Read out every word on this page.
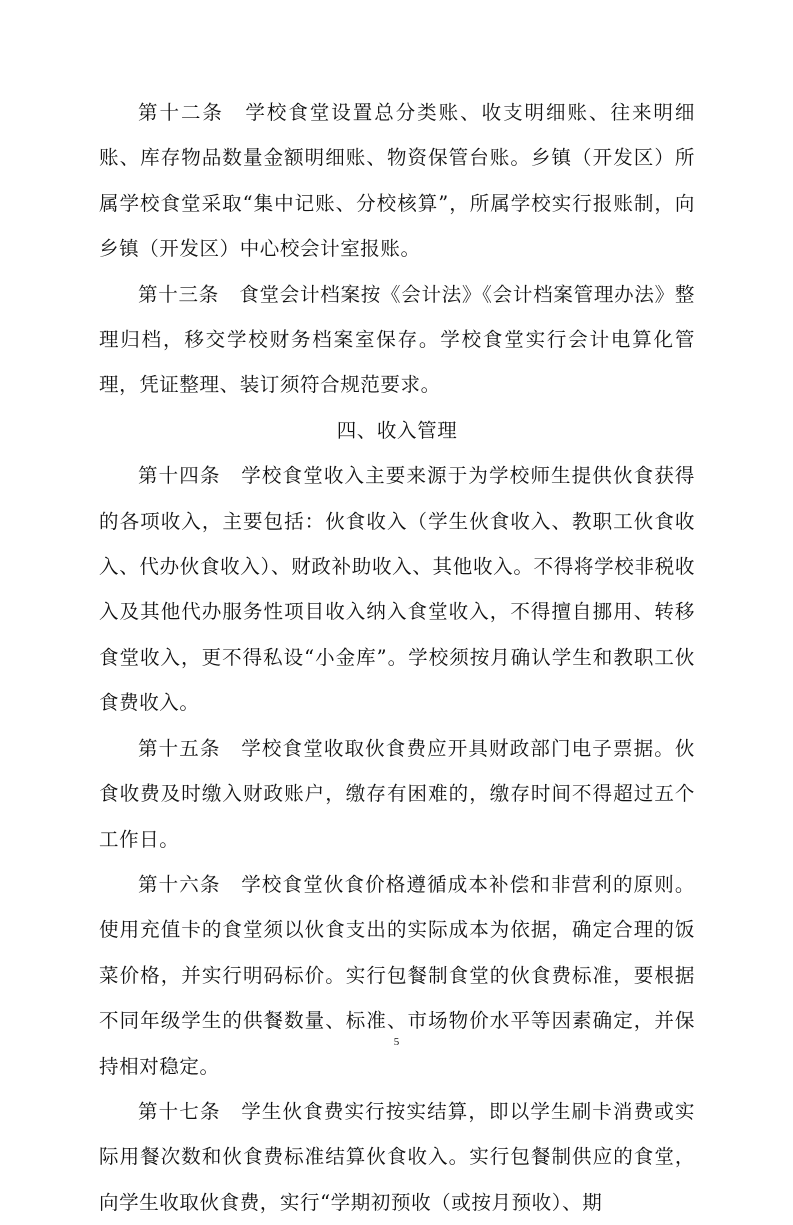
第十二条　学校食堂设置总分类账、收支明细账、往来明细账、库存物品数量金额明细账、物资保管台账。乡镇（开发区）所属学校食堂采取“集中记账、分校核算”，所属学校实行报账制，向乡镇（开发区）中心校会计室报账。

第十三条　食堂会计档案按《会计法》《会计档案管理办法》整理归档，移交学校财务档案室保存。学校食堂实行会计电算化管理，凭证整理、装订须符合规范要求。

四、收入管理

第十四条　学校食堂收入主要来源于为学校师生提供伙食获得的各项收入，主要包括：伙食收入（学生伙食收入、教职工伙食收入、代办伙食收入）、财政补助收入、其他收入。不得将学校非税收入及其他代办服务性项目收入纳入食堂收入，不得擅自挪用、转移食堂收入，更不得私设“小金库”。学校须按月确认学生和教职工伙食费收入。

第十五条　学校食堂收取伙食费应开具财政部门电子票据。伙食收费及时缴入财政账户，缴存有困难的，缴存时间不得超过五个工作日。

第十六条　学校食堂伙食价格遵循成本补偿和非营利的原则。使用充值卡的食堂须以伙食支出的实际成本为依据，确定合理的饭菜价格，并实行明码标价。实行包餐制食堂的伙食费标准，要根据不同年级学生的供餐数量、标准、市场物价水平等因素确定，并保持相对稳定。

第十七条　学生伙食费实行按实结算，即以学生刷卡消费或实际用餐次数和伙食费标准结算伙食收入。实行包餐制供应的食堂，向学生收取伙食费，实行“学期初预收（或按月预收）、期

5
